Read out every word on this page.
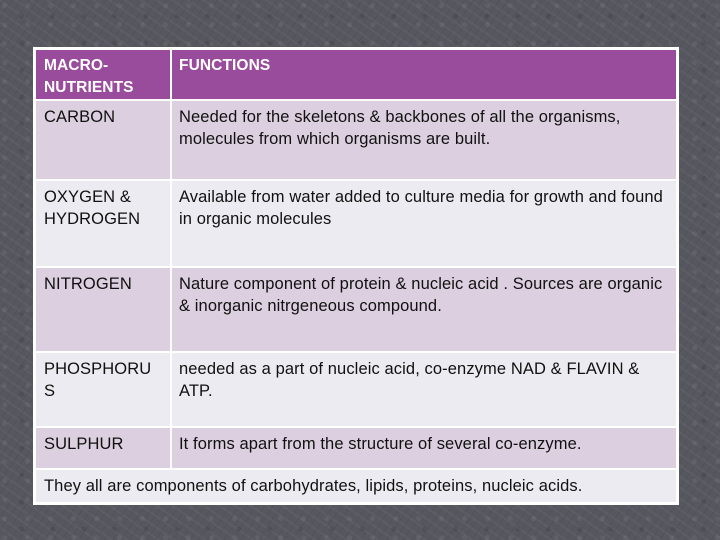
MACRO-NUTRIENTS	FUNCTIONS
CARBON	Needed for the skeletons & backbones of all the organisms, molecules from which organisms are built.
OXYGEN & HYDROGEN	Available from water added to culture media for growth and found in organic molecules
NITROGEN	Nature component of protein & nucleic acid . Sources are organic & inorganic nitrgeneous compound.
PHOSPHORU S	needed as a part of nucleic acid, co-enzyme NAD & FLAVIN & ATP.
SULPHUR	It forms apart from the structure of several co-enzyme.
They all are components of carbohydrates, lipids, proteins, nucleic acids.	
